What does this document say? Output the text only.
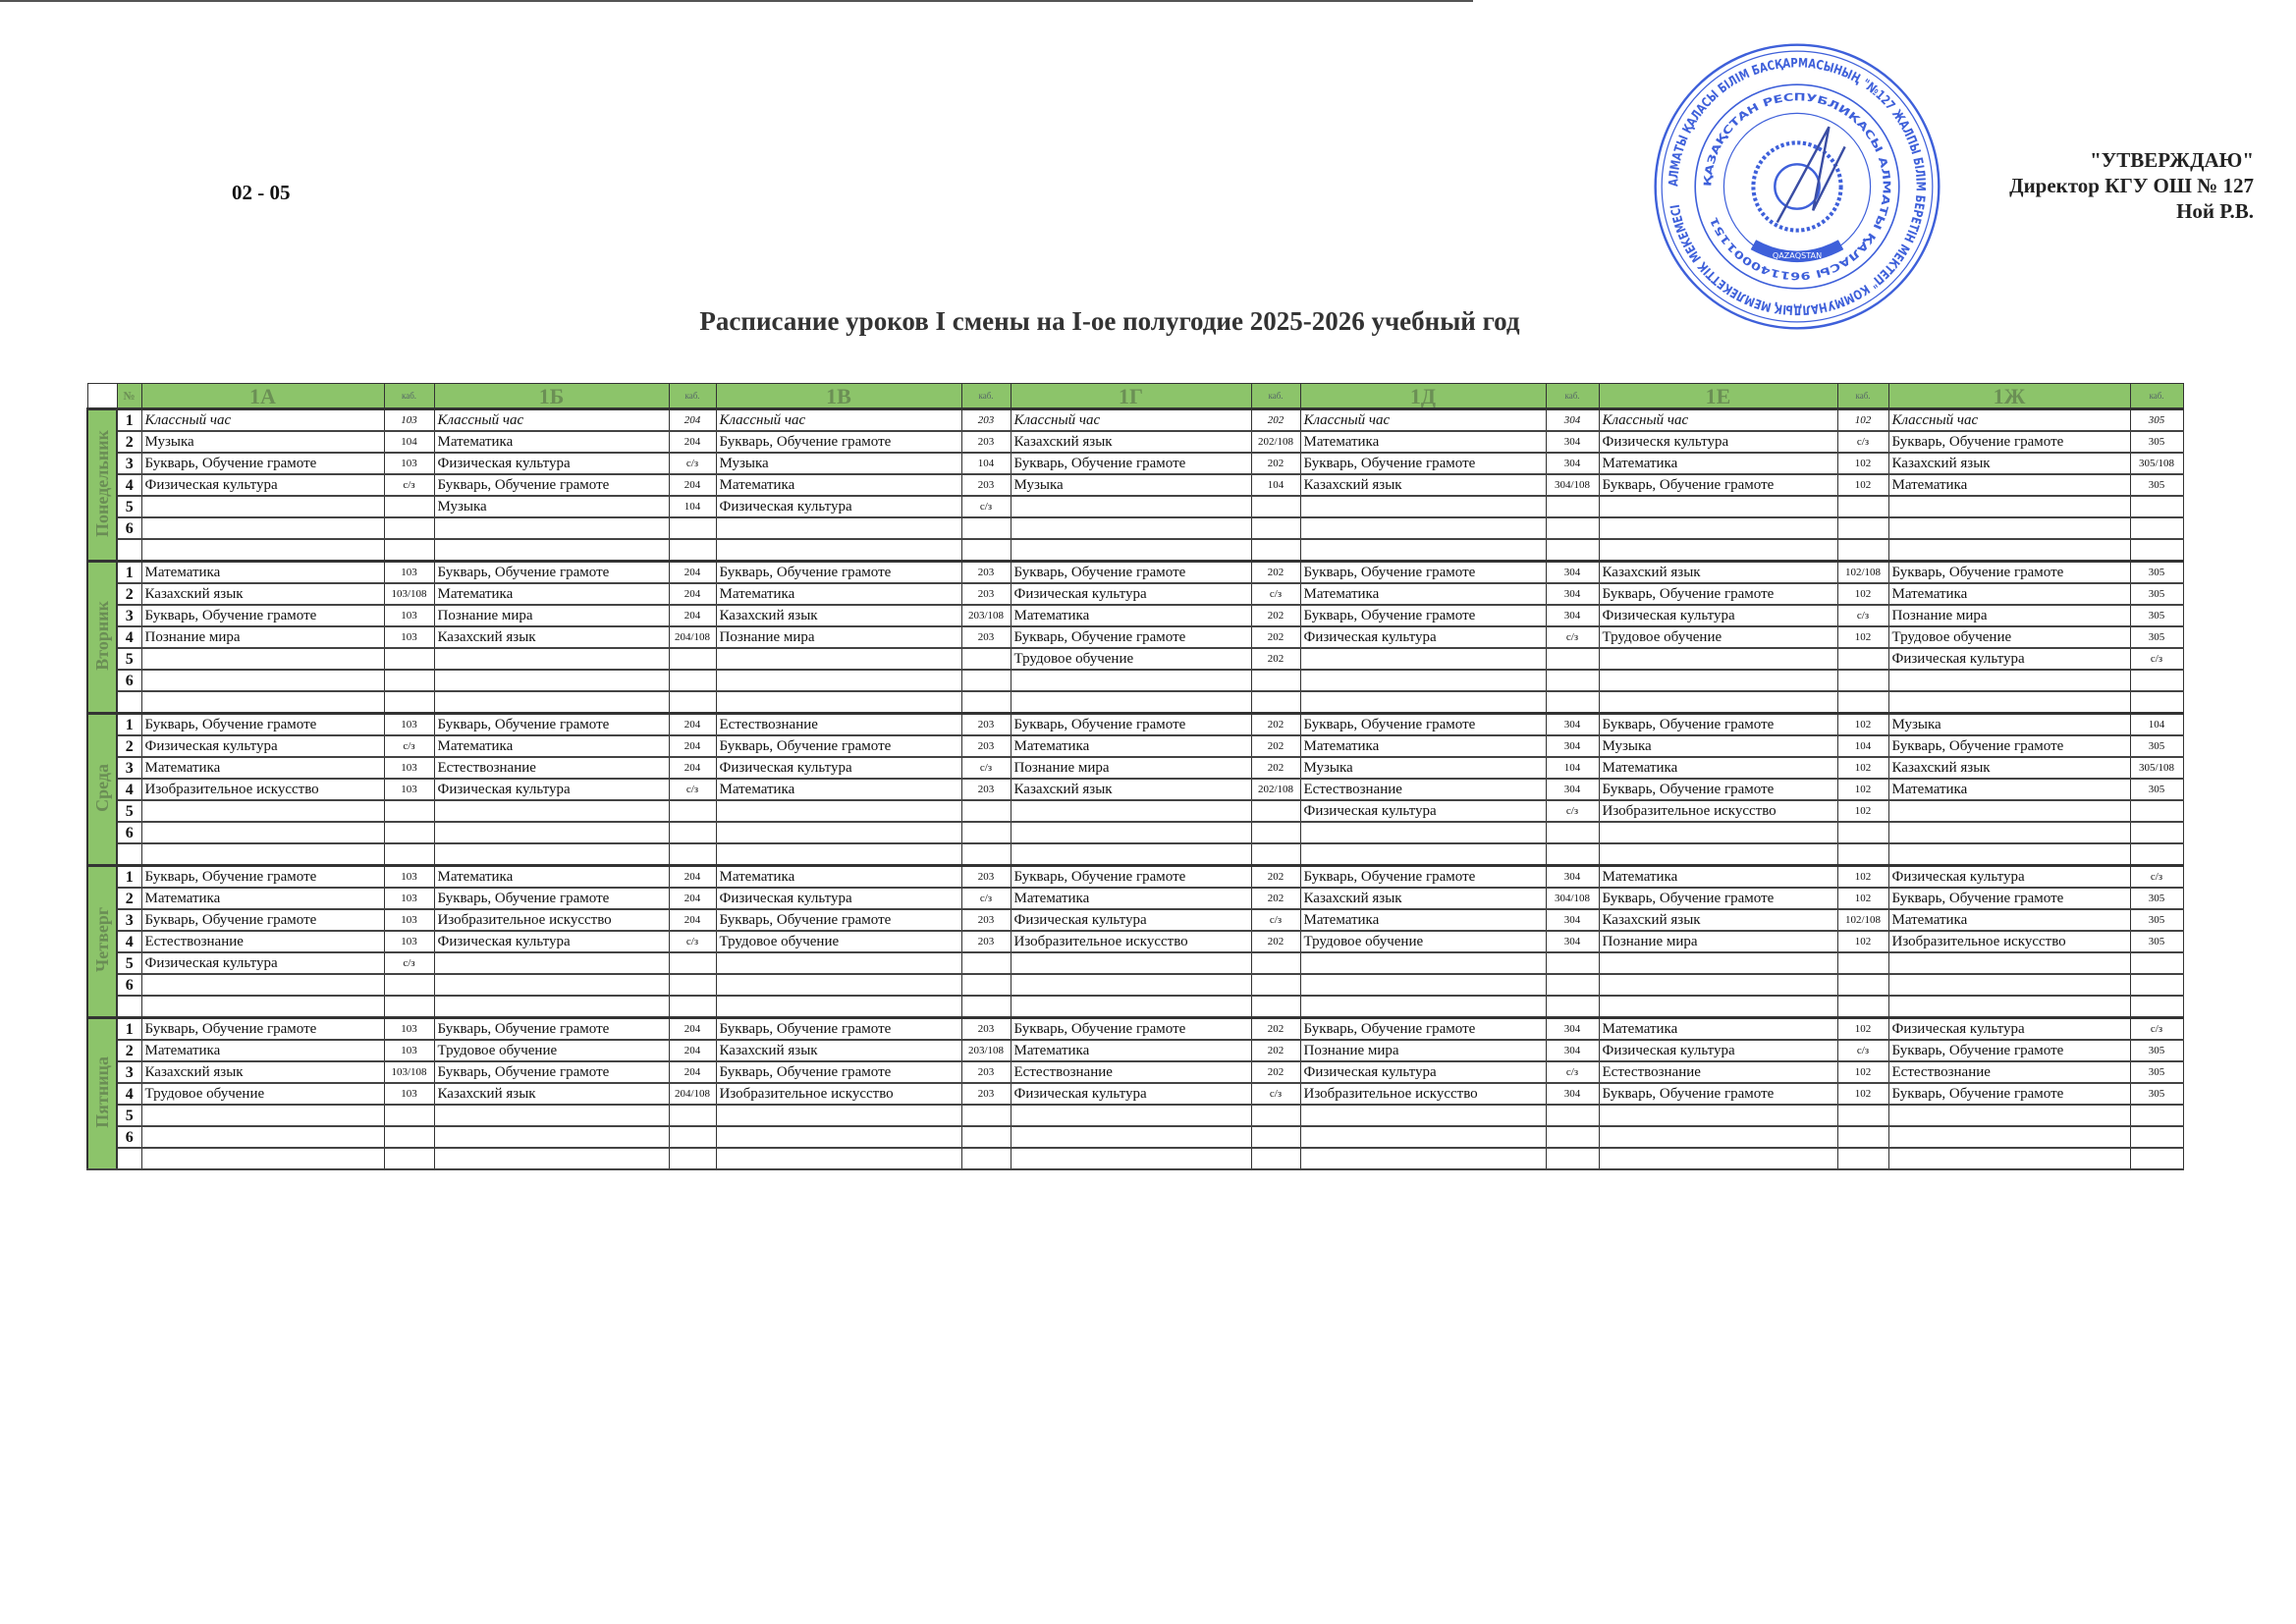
02 - 05
Расписание уроков I смены на I-ое полугодие 2025-2026 учебный год
АЛМАТЫ ҚАЛАСЫ БІЛІМ БАСҚАРМАСЫНЫҢ "№127 ЖАЛПЫ БІЛІМ БЕРЕТІН МЕКТЕП" КОММУНАЛДЫҚ МЕМЛЕКЕТТІК МЕКЕМЕСІ
ҚАЗАҚСТАН РЕСПУБЛИКАСЫ АЛМАТЫ ҚАЛАСЫ 961140001151
QAZAQSTAN
"УТВЕРЖДАЮ"
Директор КГУ ОШ № 127
Ной Р.В.
	№	1А	каб.	1Б	каб.	1В	каб.	1Г	каб.	1Д	каб.	1Е	каб.	1Ж	каб.
Понедельник	1	Классный час	103	Классный час	204	Классный час	203	Классный час	202	Классный час	304	Классный час	102	Классный час	305
	2	Музыка	104	Математика	204	Букварь, Обучение грамоте	203	Казахский язык	202/108	Математика	304	Физическя культура	с/з	Букварь, Обучение грамоте	305
	3	Букварь, Обучение грамоте	103	Физическая культура	с/з	Музыка	104	Букварь, Обучение грамоте	202	Букварь, Обучение грамоте	304	Математика	102	Казахский язык	305/108
	4	Физическая культура	с/з	Букварь, Обучение грамоте	204	Математика	203	Музыка	104	Казахский язык	304/108	Букварь, Обучение грамоте	102	Математика	305
	5			Музыка	104	Физическая культура	с/з								
	6														

Вторник	1	Математика	103	Букварь, Обучение грамоте	204	Букварь, Обучение грамоте	203	Букварь, Обучение грамоте	202	Букварь, Обучение грамоте	304	Казахский язык	102/108	Букварь, Обучение грамоте	305
	2	Казахский язык	103/108	Математика	204	Математика	203	Физическая культура	с/з	Математика	304	Букварь, Обучение грамоте	102	Математика	305
	3	Букварь, Обучение грамоте	103	Познание мира	204	Казахский язык	203/108	Математика	202	Букварь, Обучение грамоте	304	Физическая культура	с/з	Познание мира	305
	4	Познание мира	103	Казахский язык	204/108	Познание мира	203	Букварь, Обучение грамоте	202	Физическая культура	с/з	Трудовое обучение	102	Трудовое обучение	305
	5							Трудовое обучение	202					Физическая культура	с/з
	6														

Среда	1	Букварь, Обучение грамоте	103	Букварь, Обучение грамоте	204	Естествознание	203	Букварь, Обучение грамоте	202	Букварь, Обучение грамоте	304	Букварь, Обучение грамоте	102	Музыка	104
	2	Физическая культура	с/з	Математика	204	Букварь, Обучение грамоте	203	Математика	202	Математика	304	Музыка	104	Букварь, Обучение грамоте	305
	3	Математика	103	Естествознание	204	Физическая культура	с/з	Познание мира	202	Музыка	104	Математика	102	Казахский язык	305/108
	4	Изобразительное искусство	103	Физическая культура	с/з	Математика	203	Казахский язык	202/108	Естествознание	304	Букварь, Обучение грамоте	102	Математика	305
	5									Физическая культура	с/з	Изобразительное искусство	102		
	6														

Четверг	1	Букварь, Обучение грамоте	103	Математика	204	Математика	203	Букварь, Обучение грамоте	202	Букварь, Обучение грамоте	304	Математика	102	Физическая культура	с/з
	2	Математика	103	Букварь, Обучение грамоте	204	Физическая культура	с/з	Математика	202	Казахский язык	304/108	Букварь, Обучение грамоте	102	Букварь, Обучение грамоте	305
	3	Букварь, Обучение грамоте	103	Изобразительное искусство	204	Букварь, Обучение грамоте	203	Физическая культура	с/з	Математика	304	Казахский язык	102/108	Математика	305
	4	Естествознание	103	Физическая культура	с/з	Трудовое обучение	203	Изобразительное искусство	202	Трудовое обучение	304	Познание мира	102	Изобразительное искусство	305
	5	Физическая культура	с/з												
	6														

Пятница	1	Букварь, Обучение грамоте	103	Букварь, Обучение грамоте	204	Букварь, Обучение грамоте	203	Букварь, Обучение грамоте	202	Букварь, Обучение грамоте	304	Математика	102	Физическая культура	с/з
	2	Математика	103	Трудовое обучение	204	Казахский язык	203/108	Математика	202	Познание мира	304	Физическая культура	с/з	Букварь, Обучение грамоте	305
	3	Казахский язык	103/108	Букварь, Обучение грамоте	204	Букварь, Обучение грамоте	203	Естествознание	202	Физическая культура	с/з	Естествознание	102	Естествознание	305
	4	Трудовое обучение	103	Казахский язык	204/108	Изобразительное искусство	203	Физическая культура	с/з	Изобразительное искусство	304	Букварь, Обучение грамоте	102	Букварь, Обучение грамоте	305
	5														
	6														
